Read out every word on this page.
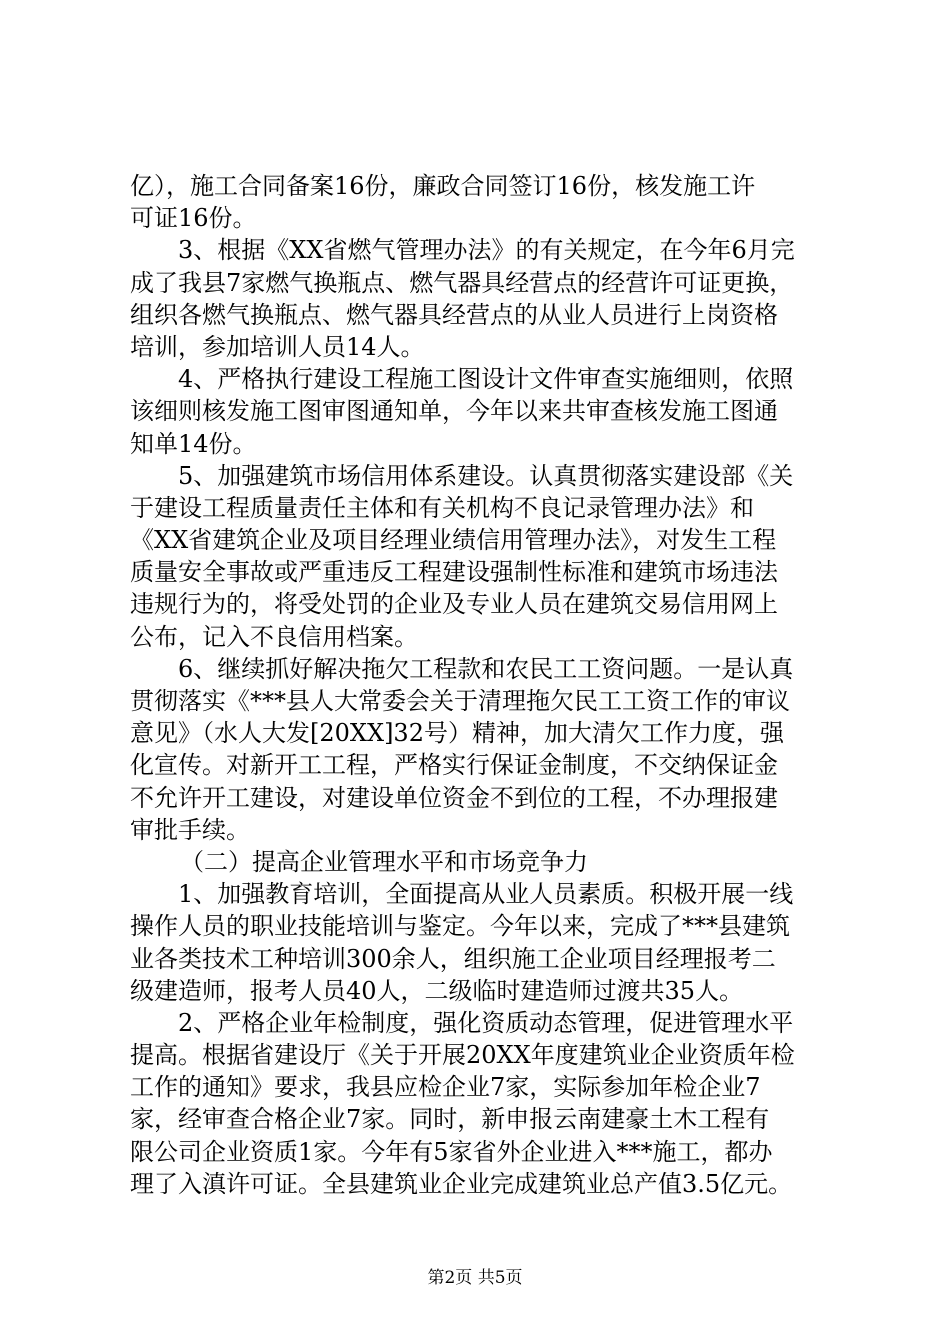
亿），施工合同备案16份，廉政合同签订16份，核发施工许
可证16份。
3、根据《XX省燃气管理办法》的有关规定，在今年6月完
成了我县7家燃气换瓶点、燃气器具经营点的经营许可证更换，
组织各燃气换瓶点、燃气器具经营点的从业人员进行上岗资格
培训，参加培训人员14人。
4、严格执行建设工程施工图设计文件审查实施细则，依照
该细则核发施工图审图通知单，今年以来共审查核发施工图通
知单14份。
5、加强建筑市场信用体系建设。认真贯彻落实建设部《关
于建设工程质量责任主体和有关机构不良记录管理办法》和
《XX省建筑企业及项目经理业绩信用管理办法》，对发生工程
质量安全事故或严重违反工程建设强制性标准和建筑市场违法
违规行为的，将受处罚的企业及专业人员在建筑交易信用网上
公布，记入不良信用档案。
6、继续抓好解决拖欠工程款和农民工工资问题。一是认真
贯彻落实《***县人大常委会关于清理拖欠民工工资工作的审议
意见》（水人大发[20XX]32号）精神，加大清欠工作力度，强
化宣传。对新开工工程，严格实行保证金制度，不交纳保证金
不允许开工建设，对建设单位资金不到位的工程，不办理报建
审批手续。
（二）提高企业管理水平和市场竞争力
1、加强教育培训，全面提高从业人员素质。积极开展一线
操作人员的职业技能培训与鉴定。今年以来，完成了***县建筑
业各类技术工种培训300余人，组织施工企业项目经理报考二
级建造师，报考人员40人，二级临时建造师过渡共35人。
2、严格企业年检制度，强化资质动态管理，促进管理水平
提高。根据省建设厅《关于开展20XX年度建筑业企业资质年检
工作的通知》要求，我县应检企业7家，实际参加年检企业7
家，经审查合格企业7家。同时，新申报云南建豪土木工程有
限公司企业资质1家。今年有5家省外企业进入***施工，都办
理了入滇许可证。全县建筑业企业完成建筑业总产值3.5亿元。
第2页 共5页
